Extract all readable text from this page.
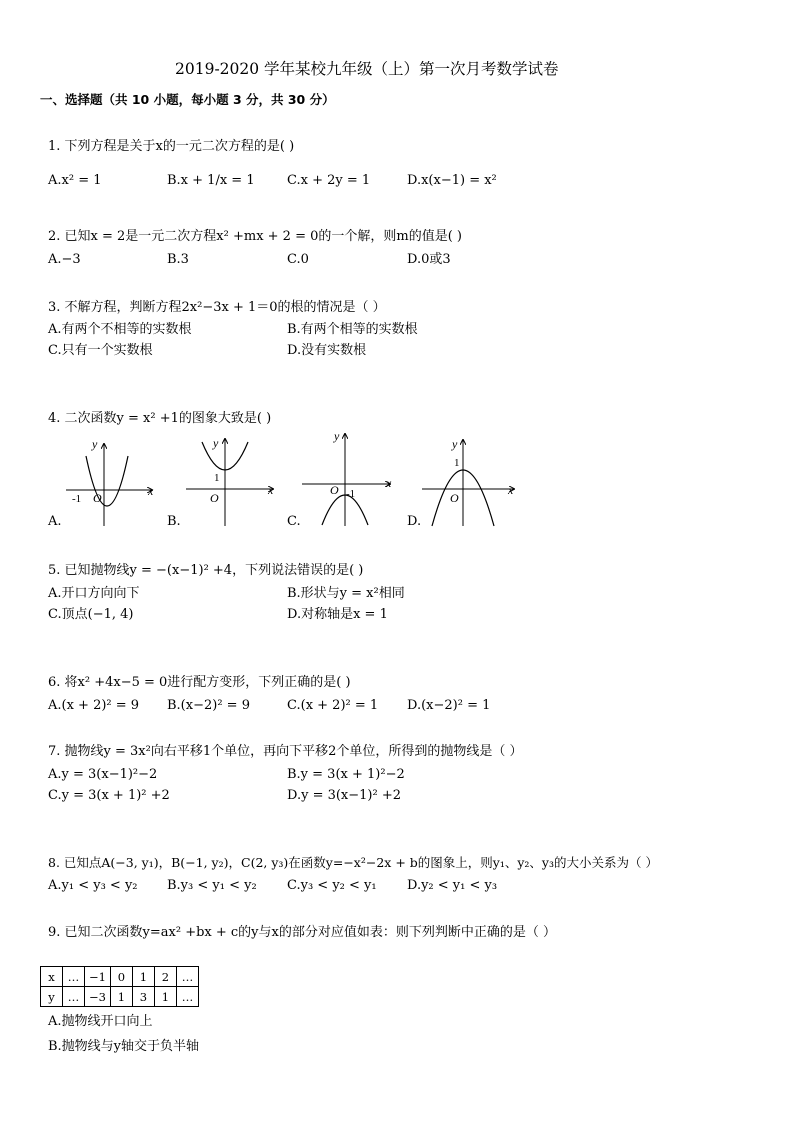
2019-2020 学年某校九年级（上）第一次月考数学试卷
一、选择题（共 10 小题，每小题 3 分，共 30 分）
1. 下列方程是关于x的一元二次方程的是( )
A.x² = 1	B.x + 1/x = 1 C.x + 2y = 1	D.x(x−1) = x²
2. 已知x = 2是一元二次方程x² +mx + 2 = 0的一个解，则m的值是( )
A.−3	B.3	C.0	D.0或3
3. 不解方程，判断方程2x²−3x + 1＝0的根的情况是（ ）
A.有两个不相等的实数根	B.有两个相等的实数根
C.只有一个实数根	D.没有实数根
4. 二次函数y = x² +1的图象大致是( )
y
x
O
-1
A.
y
x
O
1
B.
y
x
O -1
C.
y
x
O
1
D.
5. 已知抛物线y = −(x−1)² +4，下列说法错误的是( )
A.开口方向向下	B.形状与y = x²相同
C.顶点(−1, 4)	D.对称轴是x = 1
6. 将x² +4x−5 = 0进行配方变形，下列正确的是( )
A.(x + 2)² = 9 B.(x−2)² = 9	C.(x + 2)² = 1 D.(x−2)² = 1
7. 抛物线y = 3x²向右平移1个单位，再向下平移2个单位，所得到的抛物线是（ ）
A.y = 3(x−1)²−2	B.y = 3(x + 1)²−2
C.y = 3(x + 1)² +2	D.y = 3(x−1)² +2
8. 已知点A(−3, y₁)，B(−1, y₂)，C(2, y₃)在函数y=−x²−2x + b的图象上，则y₁、y₂、y₃的大小关系为（ ）
A.y₁ < y₃ < y₂ B.y₃ < y₁ < y₂ C.y₃ < y₂ < y₁ D.y₂ < y₁ < y₃
9. 已知二次函数y=ax² +bx + c的y与x的部分对应值如表：则下列判断中正确的是（ ）
x	…	−1	0	1	2	…
y	…	−3	1	3	1	…
A.抛物线开口向上
B.抛物线与y轴交于负半轴
